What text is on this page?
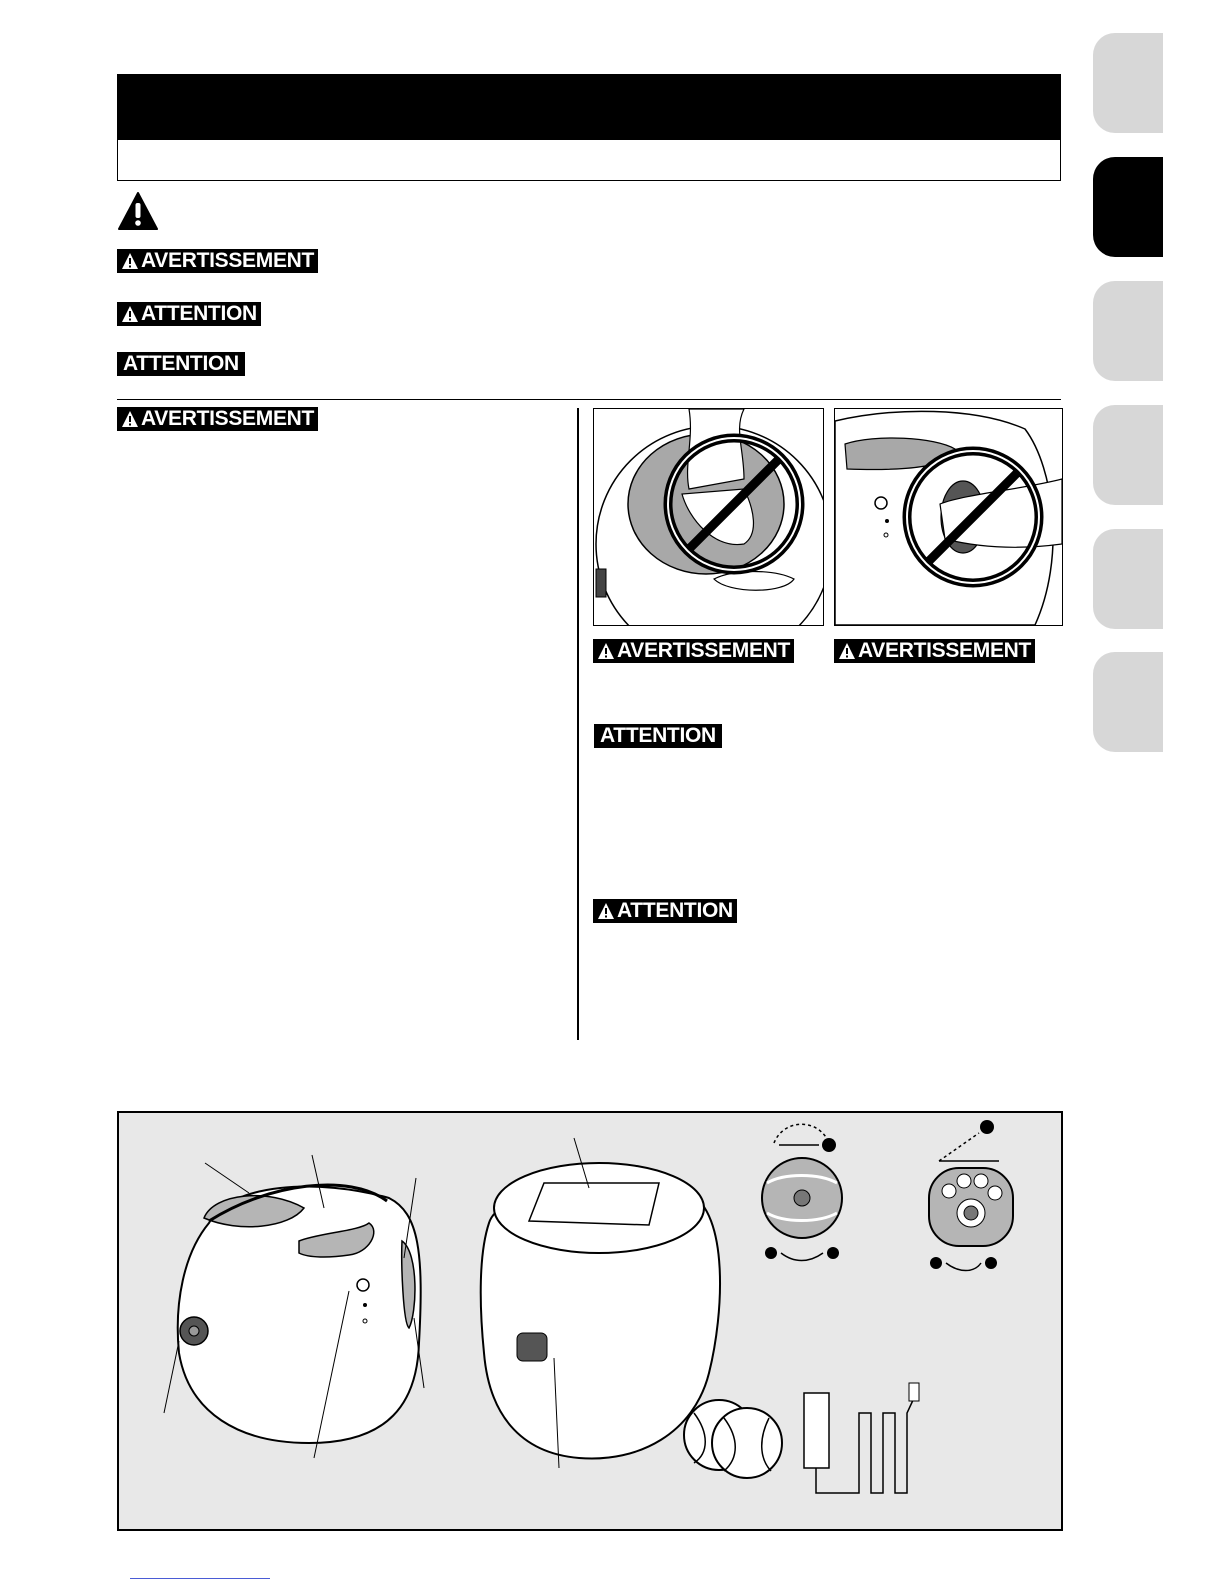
AVERTISSEMENT
ATTENTION
ATTENTION
AVERTISSEMENT
AVERTISSEMENT	AVERTISSEMENT
ATTENTION
ATTENTION
